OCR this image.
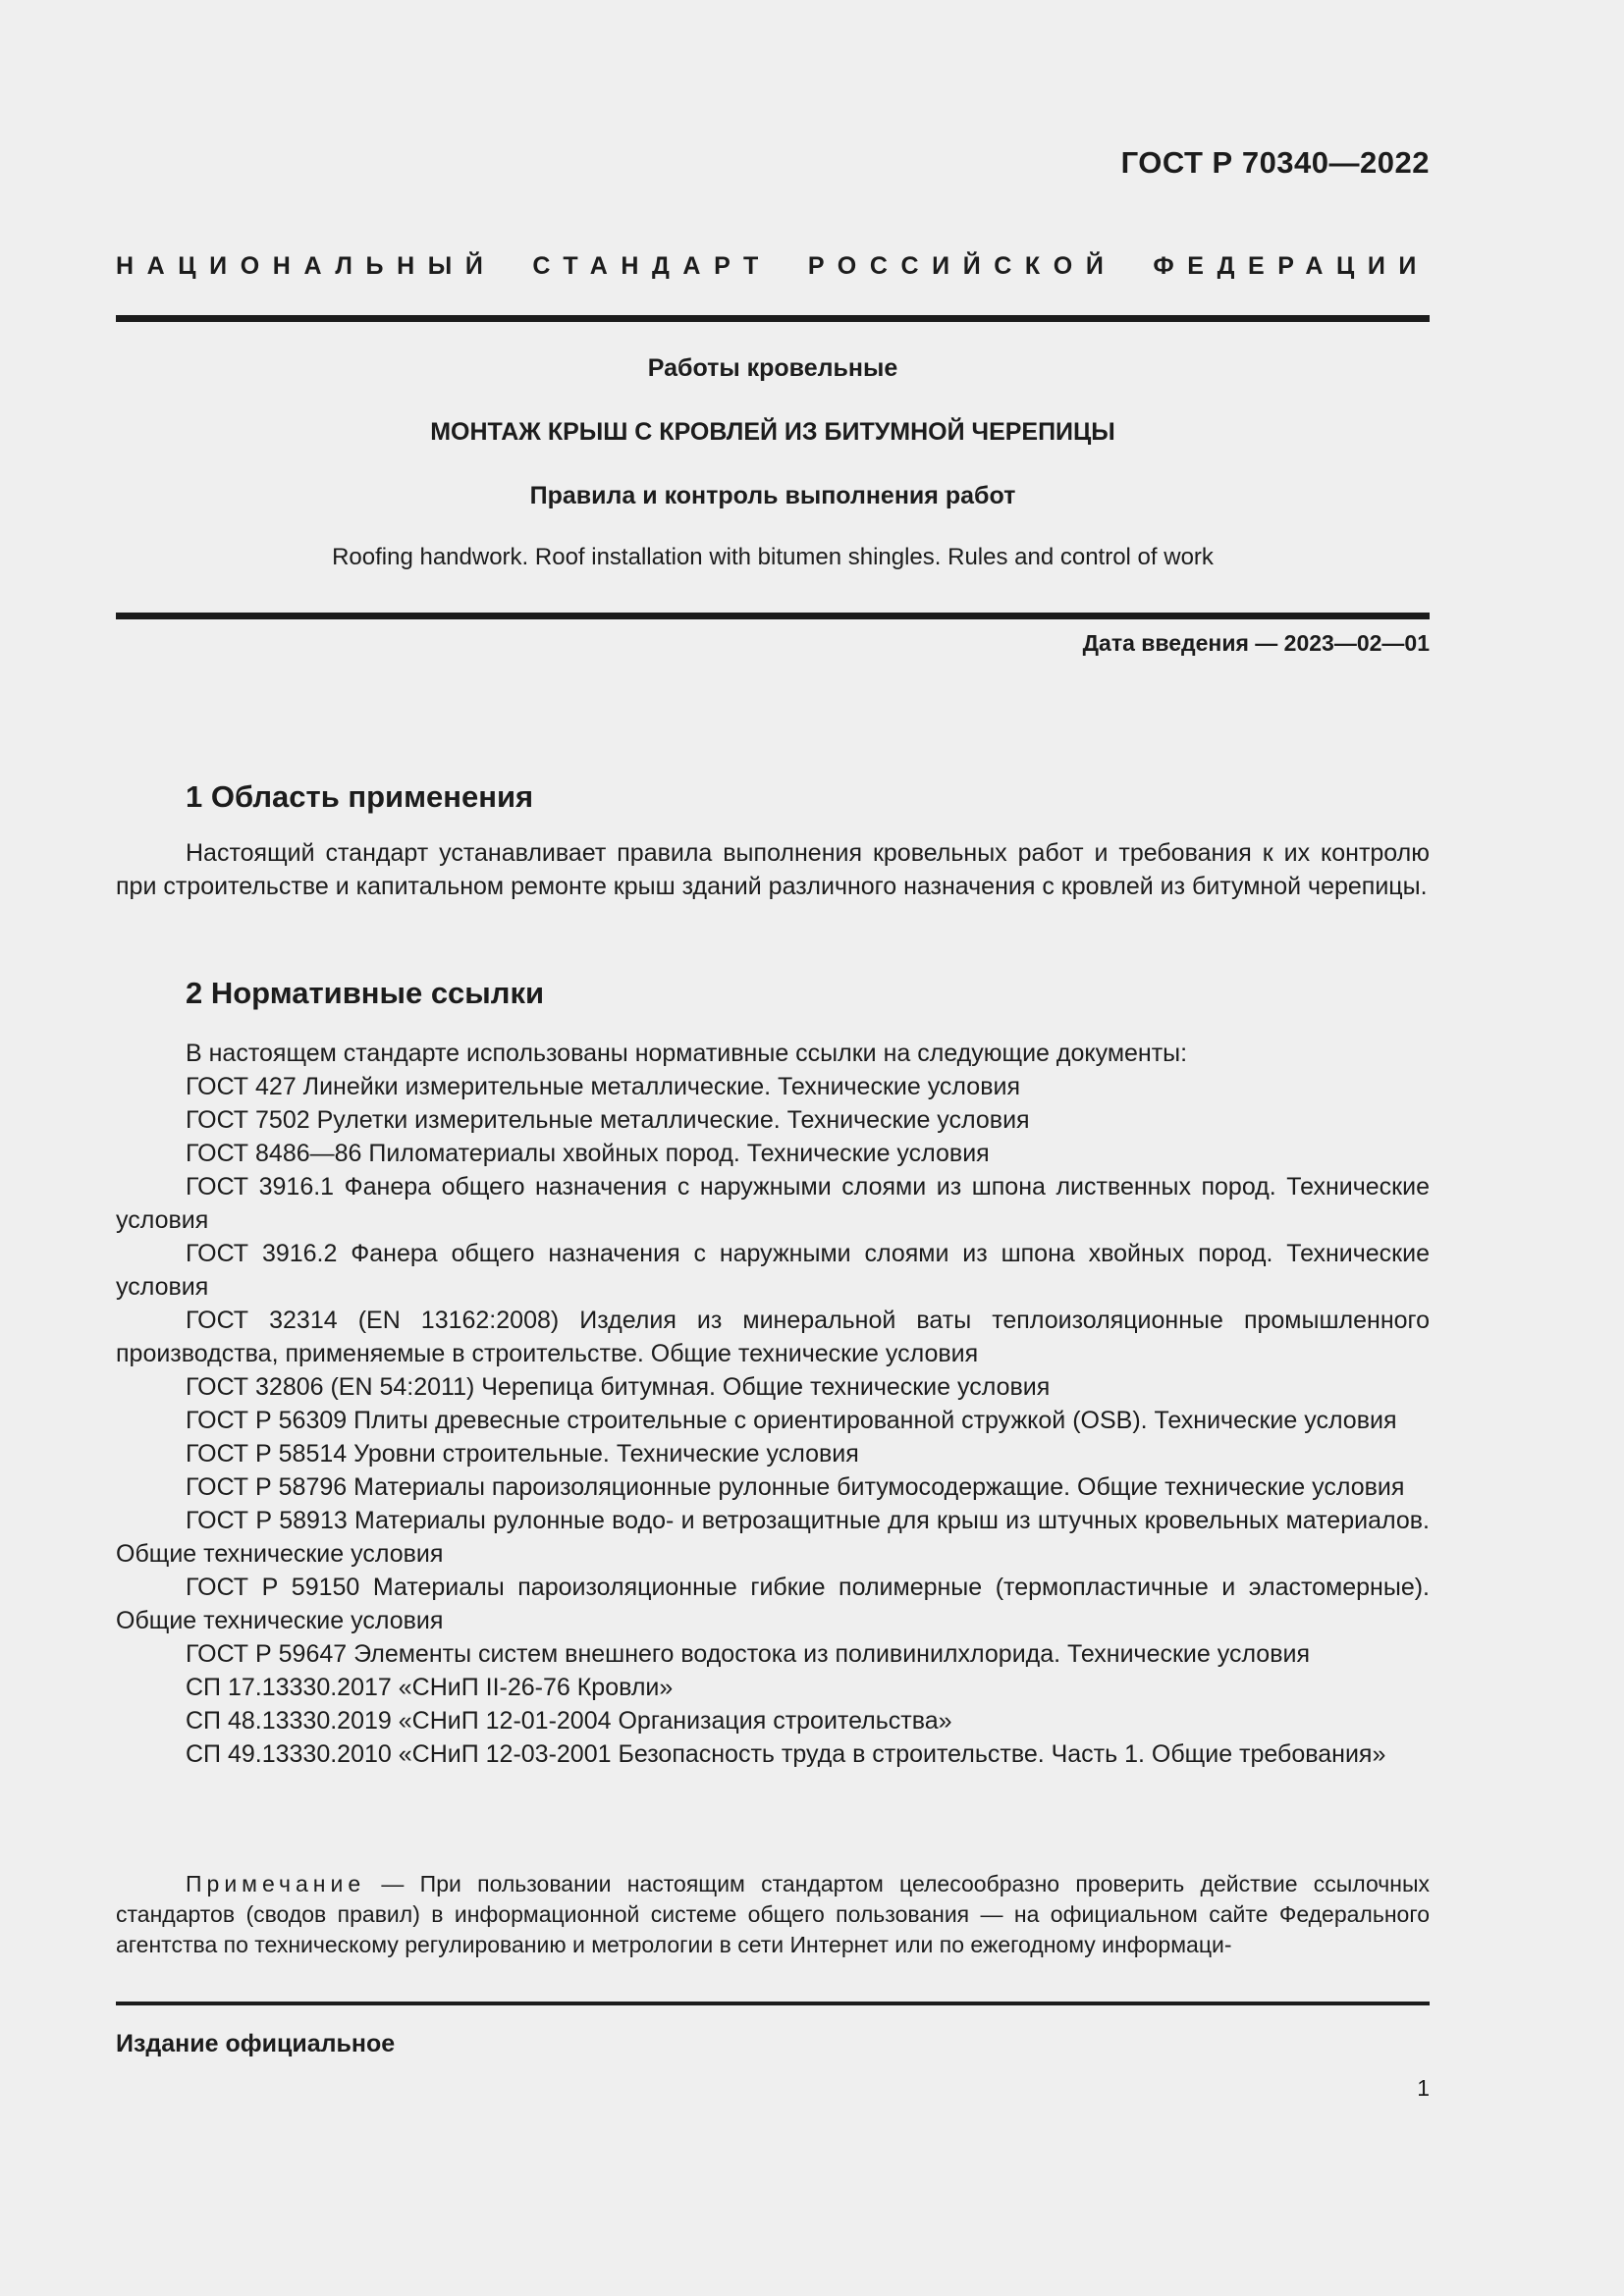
ГОСТ Р 70340—2022
НАЦИОНАЛЬНЫЙ СТАНДАРТ РОССИЙСКОЙ ФЕДЕРАЦИИ
Работы кровельные
МОНТАЖ КРЫШ С КРОВЛЕЙ ИЗ БИТУМНОЙ ЧЕРЕПИЦЫ
Правила и контроль выполнения работ
Roofing handwork. Roof installation with bitumen shingles. Rules and control of work
Дата введения — 2023—02—01
1 Область применения

Настоящий стандарт устанавливает правила выполнения кровельных работ и требования к их контролю при строительстве и капитальном ремонте крыш зданий различного назначения с кровлей из битумной черепицы.

2 Нормативные ссылки

В настоящем стандарте использованы нормативные ссылки на следующие документы:

ГОСТ 427 Линейки измерительные металлические. Технические условия

ГОСТ 7502 Рулетки измерительные металлические. Технические условия

ГОСТ 8486—86 Пиломатериалы хвойных пород. Технические условия

ГОСТ 3916.1 Фанера общего назначения с наружными слоями из шпона лиственных пород. Технические условия

ГОСТ 3916.2 Фанера общего назначения с наружными слоями из шпона хвойных пород. Технические условия

ГОСТ 32314 (EN 13162:2008) Изделия из минеральной ваты теплоизоляционные промышленного производства, применяемые в строительстве. Общие технические условия

ГОСТ 32806 (EN 54:2011) Черепица битумная. Общие технические условия

ГОСТ Р 56309 Плиты древесные строительные с ориентированной стружкой (OSB). Технические условия

ГОСТ Р 58514 Уровни строительные. Технические условия

ГОСТ Р 58796 Материалы пароизоляционные рулонные битумосодержащие. Общие технические условия

ГОСТ Р 58913 Материалы рулонные водо- и ветрозащитные для крыш из штучных кровельных материалов. Общие технические условия

ГОСТ Р 59150 Материалы пароизоляционные гибкие полимерные (термопластичные и эластомерные). Общие технические условия

ГОСТ Р 59647 Элементы систем внешнего водостока из поливинилхлорида. Технические условия

СП 17.13330.2017 «СНиП II-26-76 Кровли»

СП 48.13330.2019 «СНиП 12-01-2004 Организация строительства»

СП 49.13330.2010 «СНиП 12-03-2001 Безопасность труда в строительстве. Часть 1. Общие требования»

Примечание — При пользовании настоящим стандартом целесообразно проверить действие ссылочных стандартов (сводов правил) в информационной системе общего пользования — на официальном сайте Федерального агентства по техническому регулированию и метрологии в сети Интернет или по ежегодному информаци-

Издание официальное
1
